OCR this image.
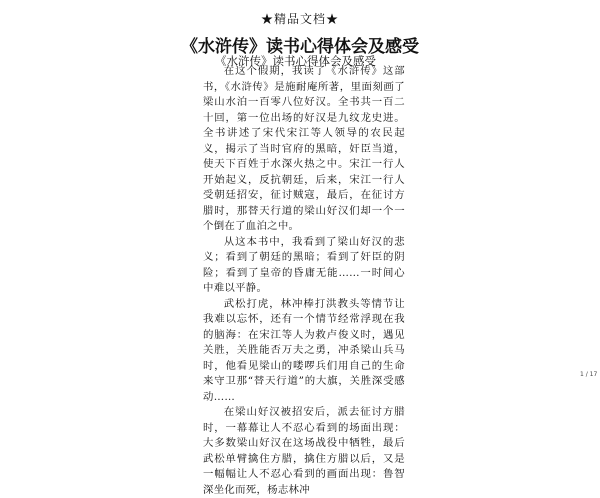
★精品文档★
《水浒传》读书心得体会及感受
《水浒传》读书心得体会及感受

在这个假期，我读了《水浒传》这部书，《水浒传》是施耐庵所著，里面刻画了梁山水泊一百零八位好汉。全书共一百二十回，第一位出场的好汉是九纹龙史进。全书讲述了宋代宋江等人领导的农民起义，揭示了当时官府的黑暗，奸臣当道，使天下百姓于水深火热之中。宋江一行人开始起义，反抗朝廷，后来，宋江一行人受朝廷招安，征讨贼寇，最后，在征讨方腊时，那替天行道的梁山好汉们却一个一个倒在了血泊之中。

从这本书中，我看到了梁山好汉的悲义；看到了朝廷的黑暗；看到了奸臣的阴险；看到了皇帝的昏庸无能……一时间心中难以平静。

武松打虎，林冲棒打洪教头等情节让我难以忘怀，还有一个情节经常浮现在我的脑海：在宋江等人为救卢俊义时，遇见关胜，关胜能否万夫之勇，冲杀梁山兵马时，他看见梁山的喽啰兵们用自己的生命来守卫那“替天行道”的大旗，关胜深受感动……

在梁山好汉被招安后，派去征讨方腊时，一幕幕让人不忍心看到的场面出现：大多数梁山好汉在这场战役中牺牲，最后武松单臂擒住方腊，擒住方腊以后，又是一幅幅让人不忍心看到的画面出现：鲁智深坐化而死，杨志林冲

1 / 17
